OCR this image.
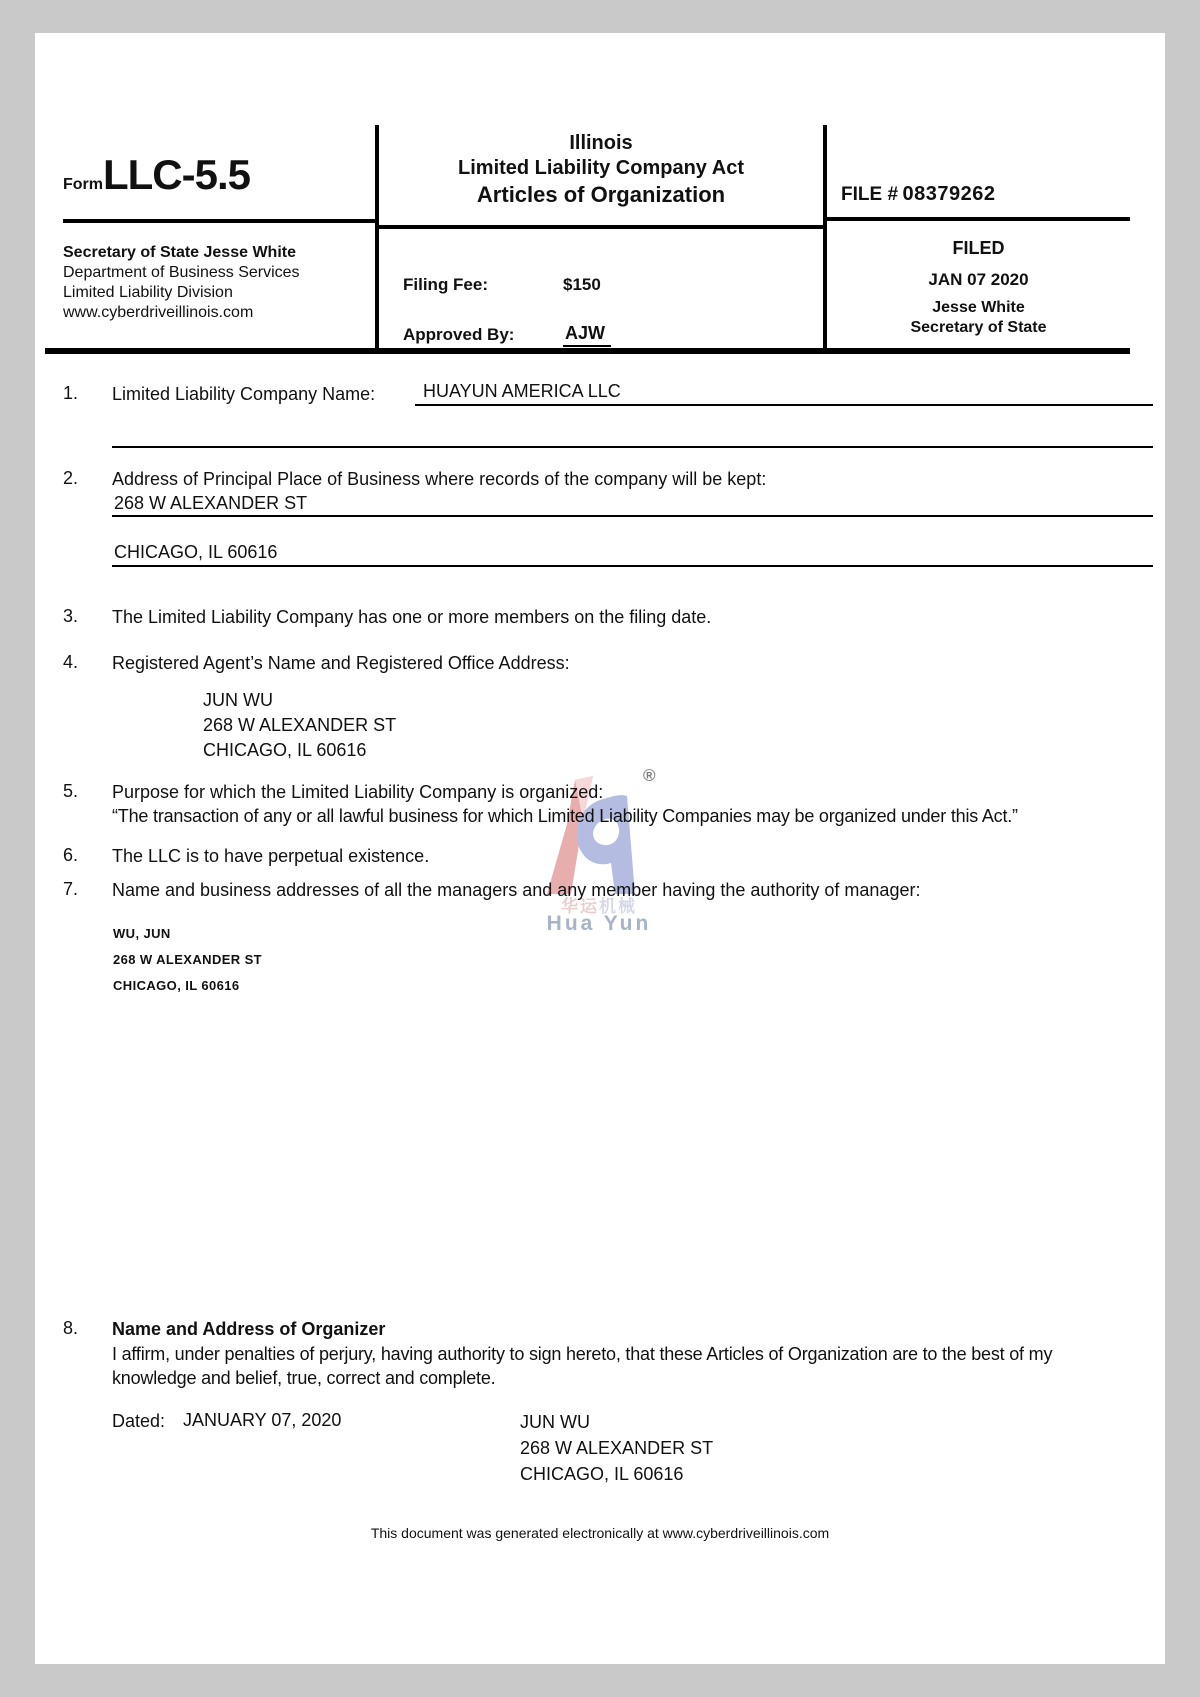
®
华运机械
Hua Yun
FormLLC-5.5
Secretary of State Jesse White
Department of Business Services
Limited Liability Division
www.cyberdriveillinois.com
Illinois
Limited Liability Company Act
Articles of Organization
Filing Fee:	$150
Approved By:	AJW
FILE # 08379262
FILED
JAN 07 2020
Jesse White
Secretary of State
1. Limited Liability Company Name:	HUAYUN AMERICA LLC
2. Address of Principal Place of Business where records of the company will be kept:
268 W ALEXANDER ST
CHICAGO, IL 60616
3. The Limited Liability Company has one or more members on the filing date.
4. Registered Agent’s Name and Registered Office Address:
JUN WU
268 W ALEXANDER ST
CHICAGO, IL 60616
5. Purpose for which the Limited Liability Company is organized:
“The transaction of any or all lawful business for which Limited Liability Companies may be organized under this Act.”
6. The LLC is to have perpetual existence.
7. Name and business addresses of all the managers and any member having the authority of manager:
WU, JUN
268 W ALEXANDER ST
CHICAGO, IL 60616
8. Name and Address of Organizer
I affirm, under penalties of perjury, having authority to sign hereto, that these Articles of Organization are to the best of my knowledge and belief, true, correct and complete.
Dated: JANUARY 07, 2020	JUN WU
268 W ALEXANDER ST
CHICAGO, IL 60616
This document was generated electronically at www.cyberdriveillinois.com
